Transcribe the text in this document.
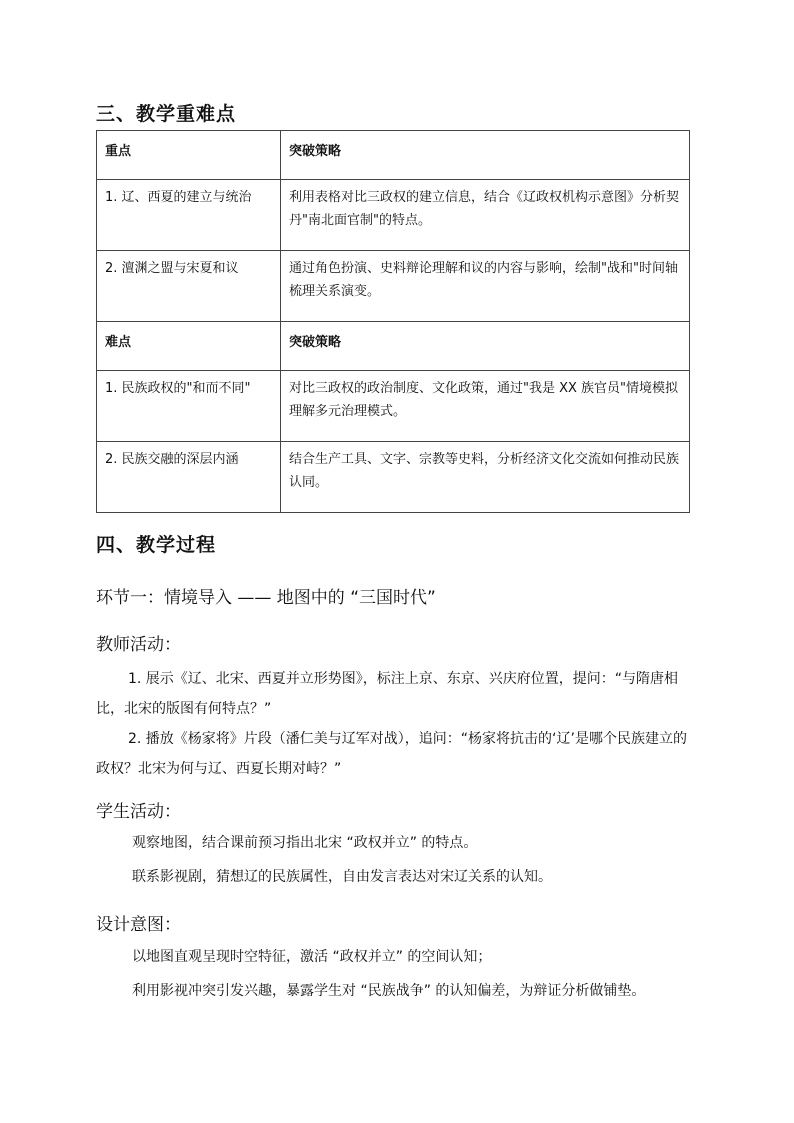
三、教学重难点
重点	突破策略
1. 辽、西夏的建立与统治	利用表格对比三政权的建立信息，结合《辽政权机构示意图》分析契丹"南北面官制"的特点。
2. 澶渊之盟与宋夏和议	通过角色扮演、史料辩论理解和议的内容与影响，绘制"战和"时间轴梳理关系演变。
难点	突破策略
1. 民族政权的"和而不同"	对比三政权的政治制度、文化政策，通过"我是 XX 族官员"情境模拟理解多元治理模式。
2. 民族交融的深层内涵	结合生产工具、文字、宗教等史料，分析经济文化交流如何推动民族认同。
四、教学过程
环节一：情境导入 —— 地图中的 “三国时代”
教师活动：

1. 展示《辽、北宋、西夏并立形势图》，标注上京、东京、兴庆府位置，提问：“与隋唐相比，北宋的版图有何特点？”

2. 播放《杨家将》片段（潘仁美与辽军对战），追问：“杨家将抗击的‘辽’是哪个民族建立的政权？北宋为何与辽、西夏长期对峙？”

学生活动：

观察地图，结合课前预习指出北宋 “政权并立” 的特点。

联系影视剧，猜想辽的民族属性，自由发言表达对宋辽关系的认知。

设计意图：

以地图直观呈现时空特征，激活 “政权并立” 的空间认知；

利用影视冲突引发兴趣，暴露学生对 “民族战争” 的认知偏差，为辩证分析做铺垫。
